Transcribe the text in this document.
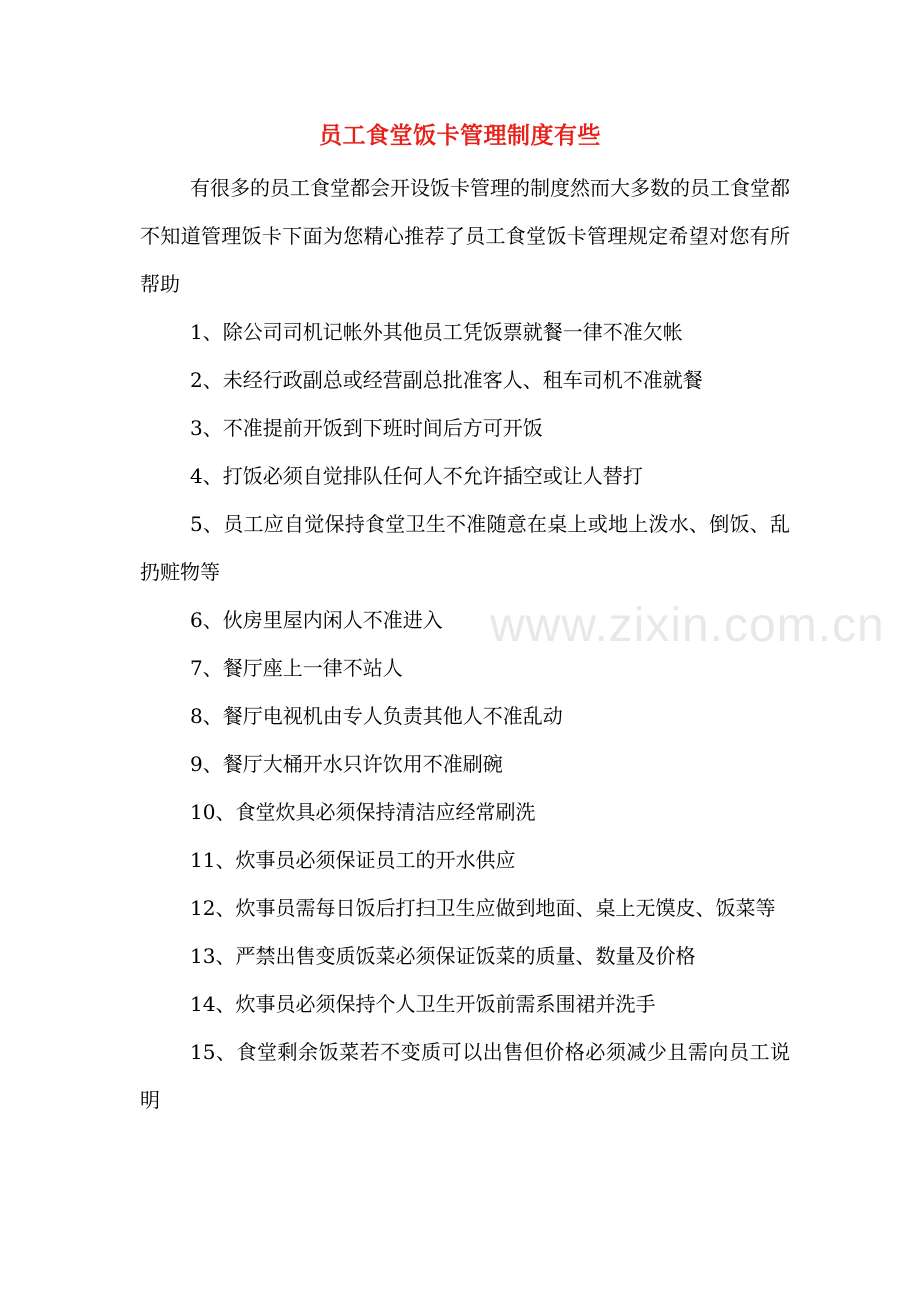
员工食堂饭卡管理制度有些

有很多的员工食堂都会开设饭卡管理的制度然而大多数的员工食堂都不知道管理饭卡下面为您精心推荐了员工食堂饭卡管理规定希望对您有所帮助

1、除公司司机记帐外其他员工凭饭票就餐一律不准欠帐

2、未经行政副总或经营副总批准客人、租车司机不准就餐

3、不准提前开饭到下班时间后方可开饭

4、打饭必须自觉排队任何人不允许插空或让人替打

5、员工应自觉保持食堂卫生不准随意在桌上或地上泼水、倒饭、乱扔赃物等

6、伙房里屋内闲人不准进入

7、餐厅座上一律不站人

8、餐厅电视机由专人负责其他人不准乱动

9、餐厅大桶开水只许饮用不准刷碗

10、食堂炊具必须保持清洁应经常刷洗

11、炊事员必须保证员工的开水供应

12、炊事员需每日饭后打扫卫生应做到地面、桌上无馍皮、饭菜等

13、严禁出售变质饭菜必须保证饭菜的质量、数量及价格

14、炊事员必须保持个人卫生开饭前需系围裙并洗手

15、食堂剩余饭菜若不变质可以出售但价格必须减少且需向员工说明

www.zixin.com.cn
